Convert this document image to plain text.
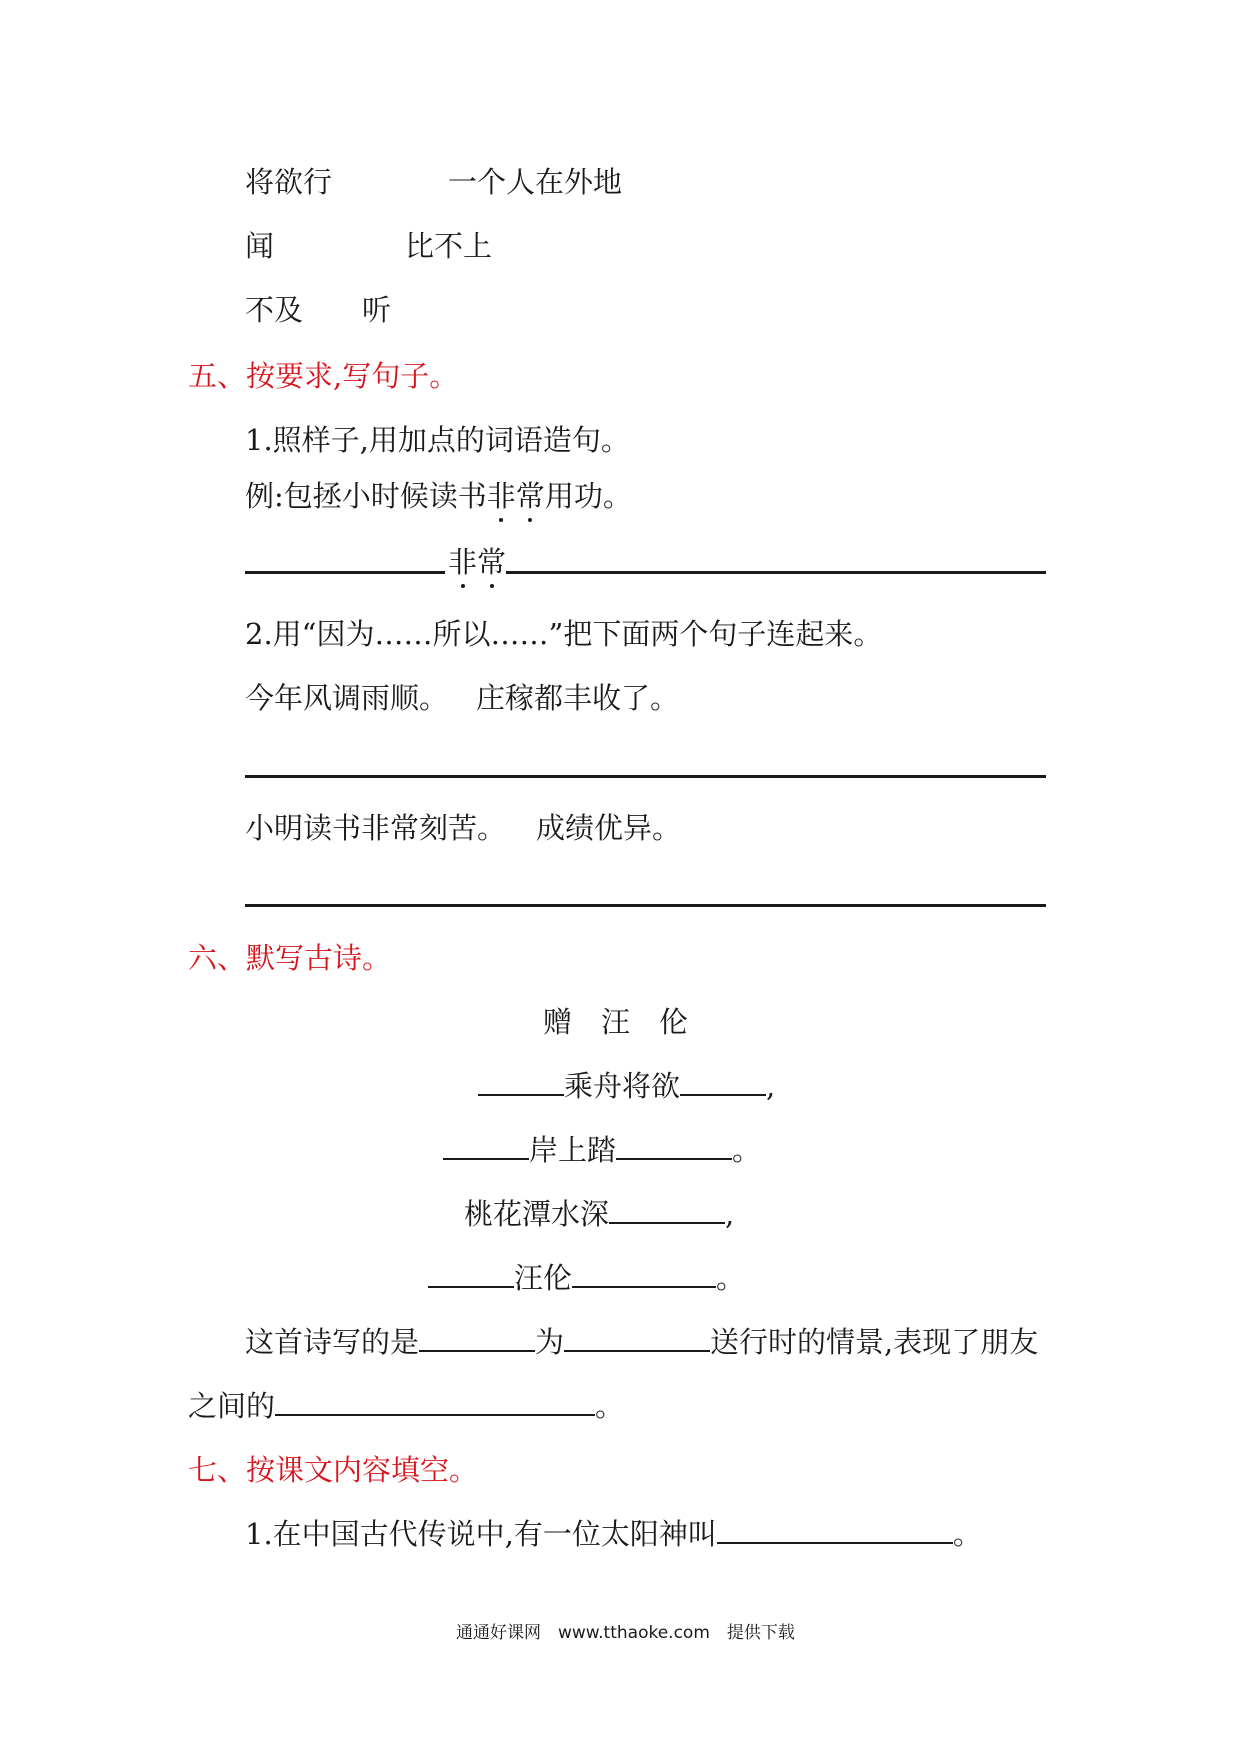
将欲行	一个人在外地
闻	比不上
不及 听
五、按要求,写句子。
1.照样子,用加点的词语造句。
例:包拯小时候读书非
常
用功。
非
常
2.用“因为……所以……”把下面两个句子连起来。
今年风调雨顺。 庄稼都丰收了。
小明读书非常刻苦。 成绩优异。
六、默写古诗。
赠　汪　伦
乘舟将欲	,
岸上踏	。
桃花潭水深	,
汪伦	。
这首诗写的是	为	送行时的情景,表现了朋友
之间的	。
七、按课文内容填空。
1.在中国古代传说中,有一位太阳神叫	。
通通好课网　www.tthaoke.com　提供下载
